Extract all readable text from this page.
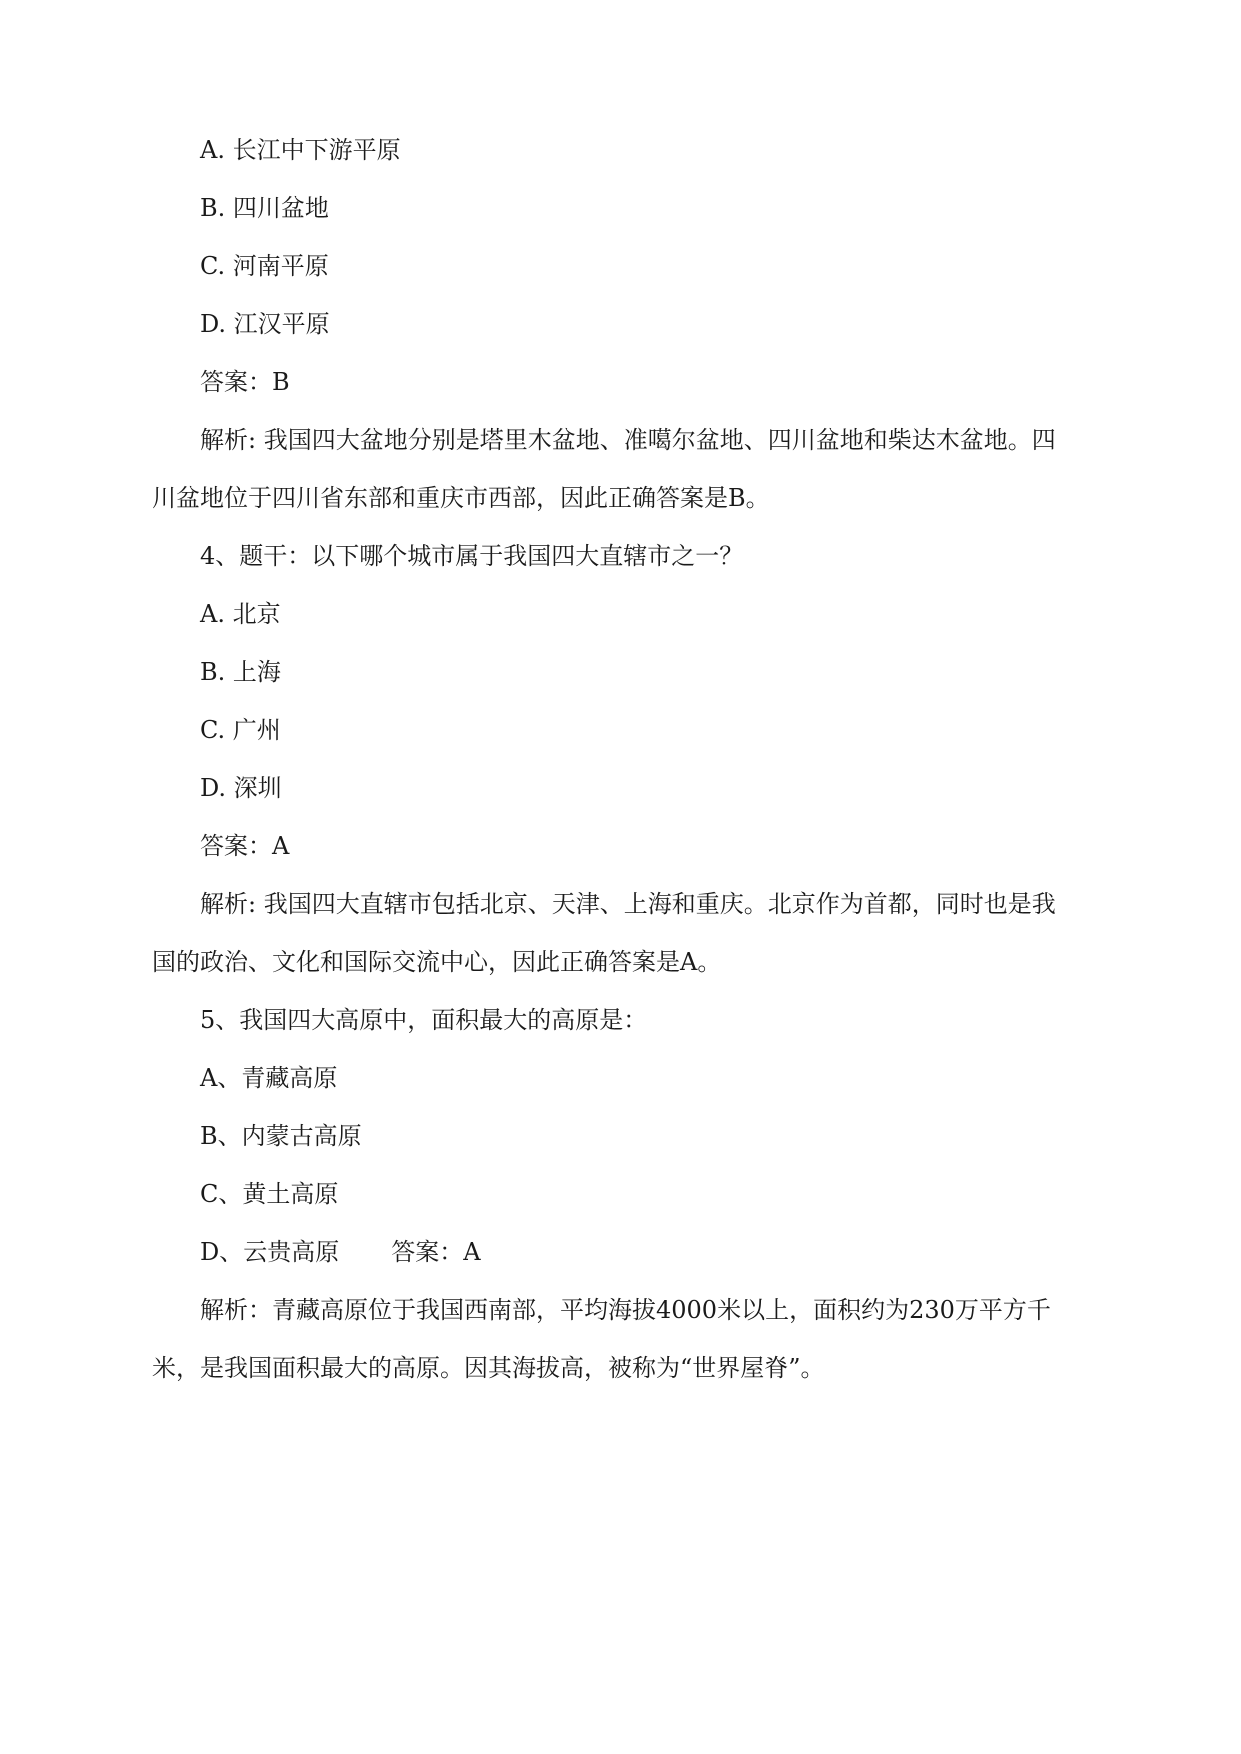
A. 长江中下游平原
B. 四川盆地
C. 河南平原
D. 江汉平原
答案：B
解析: 我国四大盆地分别是塔里木盆地、准噶尔盆地、四川盆地和柴达木盆地。四
川盆地位于四川省东部和重庆市西部，因此正确答案是B。
4、题干：以下哪个城市属于我国四大直辖市之一？
A. 北京
B. 上海
C. 广州
D. 深圳
答案：A
解析: 我国四大直辖市包括北京、天津、上海和重庆。北京作为首都，同时也是我
国的政治、文化和国际交流中心，因此正确答案是A。
5、我国四大高原中，面积最大的高原是：
A、青藏高原
B、内蒙古高原
C、黄土高原
D、云贵高原 答案：A
解析：青藏高原位于我国西南部，平均海拔4000米以上，面积约为230万平方千
米，是我国面积最大的高原。因其海拔高，被称为“世界屋脊”。
